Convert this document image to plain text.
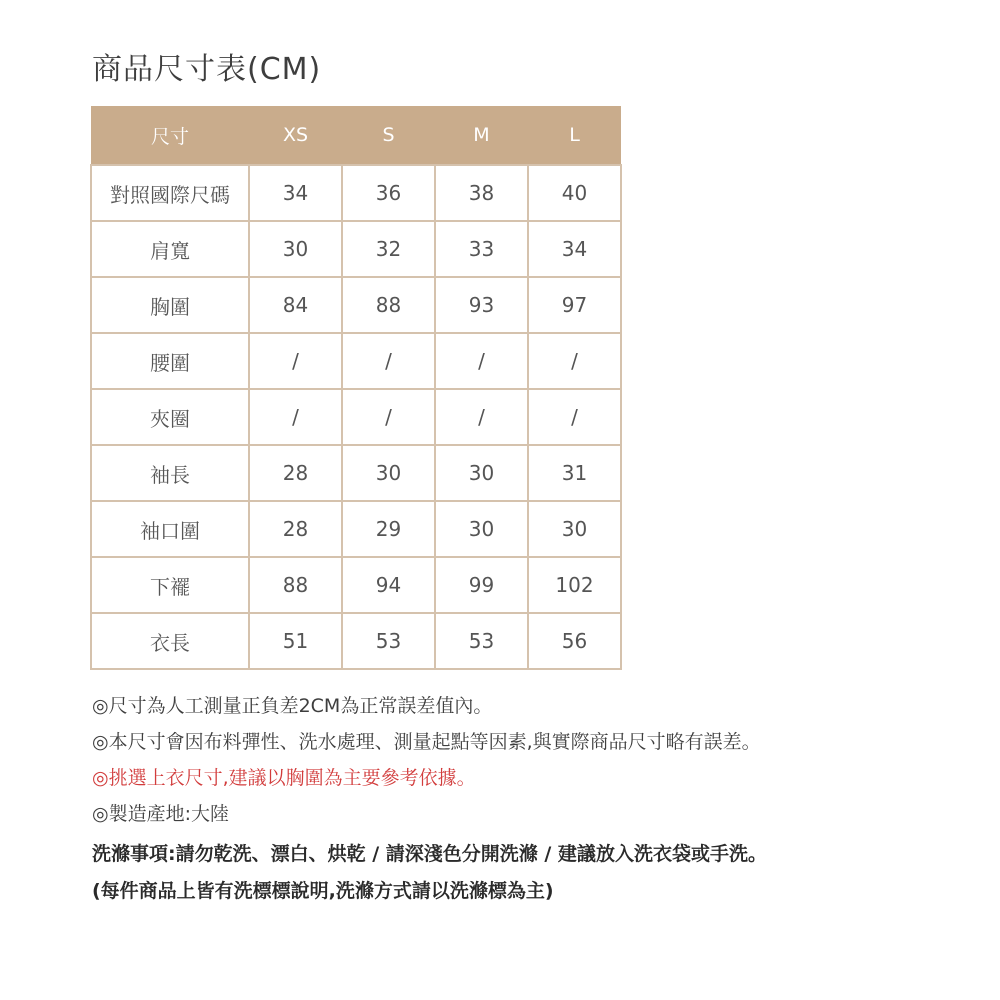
商品尺寸表(CM)
尺寸	XS	S	M	L
對照國際尺碼	34	36	38	40
肩寬	30	32	33	34
胸圍	84	88	93	97
腰圍	/	/	/	/
夾圈	/	/	/	/
袖長	28	30	30	31
袖口圍	28	29	30	30
下襬	88	94	99	102
衣長	51	53	53	56
◎尺寸為人工測量正負差2CM為正常誤差值內。
◎本尺寸會因布料彈性、洗水處理、測量起點等因素,與實際商品尺寸略有誤差。
◎挑選上衣尺寸,建議以胸圍為主要參考依據。
◎製造產地:大陸
洗滌事項:請勿乾洗、漂白、烘乾 / 請深淺色分開洗滌 / 建議放入洗衣袋或手洗。
(每件商品上皆有洗標標說明,洗滌方式請以洗滌標為主)
